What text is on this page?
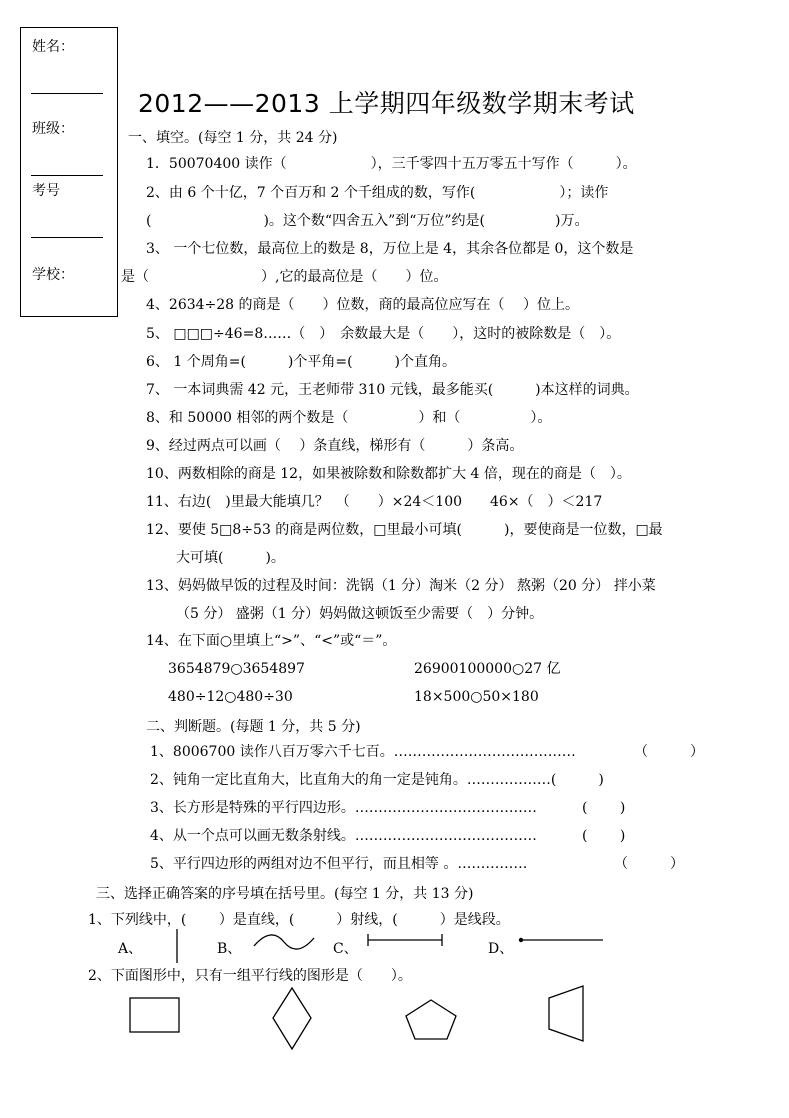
姓名：
班级：
考号
学校：
2012——2013 上学期四年级数学期末考试
一、填空。(每空 1 分，共 24 分)
1．50070400 读作（　　　　　　），三千零四十五万零五十写作（　　　）。
2、由 6 个十亿，7 个百万和 2 个千组成的数，写作(　　　　　　）；读作
(　　　　　　　　)。这个数“四舍五入”到“万位”约是(　　　　　)万。
3、 一个七位数，最高位上的数是 8，万位上是 4，其余各位都是 0，这个数是
是（　　　　　　　　）,它的最高位是（　　）位。
4、2634÷28 的商是（　　）位数，商的最高位应写在（　 ）位上。
5、 □□□÷46=8……（　）　余数最大是（　　），这时的被除数是（　）。
6、 1 个周角=(　　　)个平角=(　　　)个直角。
7、 一本词典需 42 元，王老师带 310 元钱，最多能买(　　　)本这样的词典。
8、和 50000 相邻的两个数是（　　　　　）和（　　　　　）。
9、经过两点可以画（　 ）条直线，梯形有（　　　）条高。
10、两数相除的商是 12，如果被除数和除数都扩大 4 倍，现在的商是（　）。
11、右边(　)里最大能填几？　（　　）×24＜100　　46×（　）＜217
12、要使 5□8÷53 的商是两位数，□里最小可填(　　　)，要使商是一位数，□最
大可填(　　　)。
13、妈妈做早饭的过程及时间：洗锅（1 分）淘米（2 分） 熬粥（20 分） 拌小菜
（5 分） 盛粥（1 分）妈妈做这顿饭至少需要（　）分钟。
14、在下面○里填上“>”、“<”或“＝”。
3654879○3654897	26900100000○27 亿
480÷12○480÷30	18×500○50×180
二、判断题。(每题 1 分，共 5 分)
1、8006700 读作八百万零六千七百。…………………………………	（　　　）
2、钝角一定比直角大，比直角大的角一定是钝角。………………(　　　)
3、长方形是特殊的平行四边形。…………………………………	(　　 )
4、从一个点可以画无数条射线。…………………………………	(　　 )
5、平行四边形的两组对边不但平行，而且相等 。……………	（　　　）
三、选择正确答案的序号填在括号里。(每空 1 分，共 13 分)
1、下列线中，(　　 ）是直线，(　　　）射线，(　　　）是线段。
A、	B、	C、	D、
2、下面图形中，只有一组平行线的图形是（　　）。
